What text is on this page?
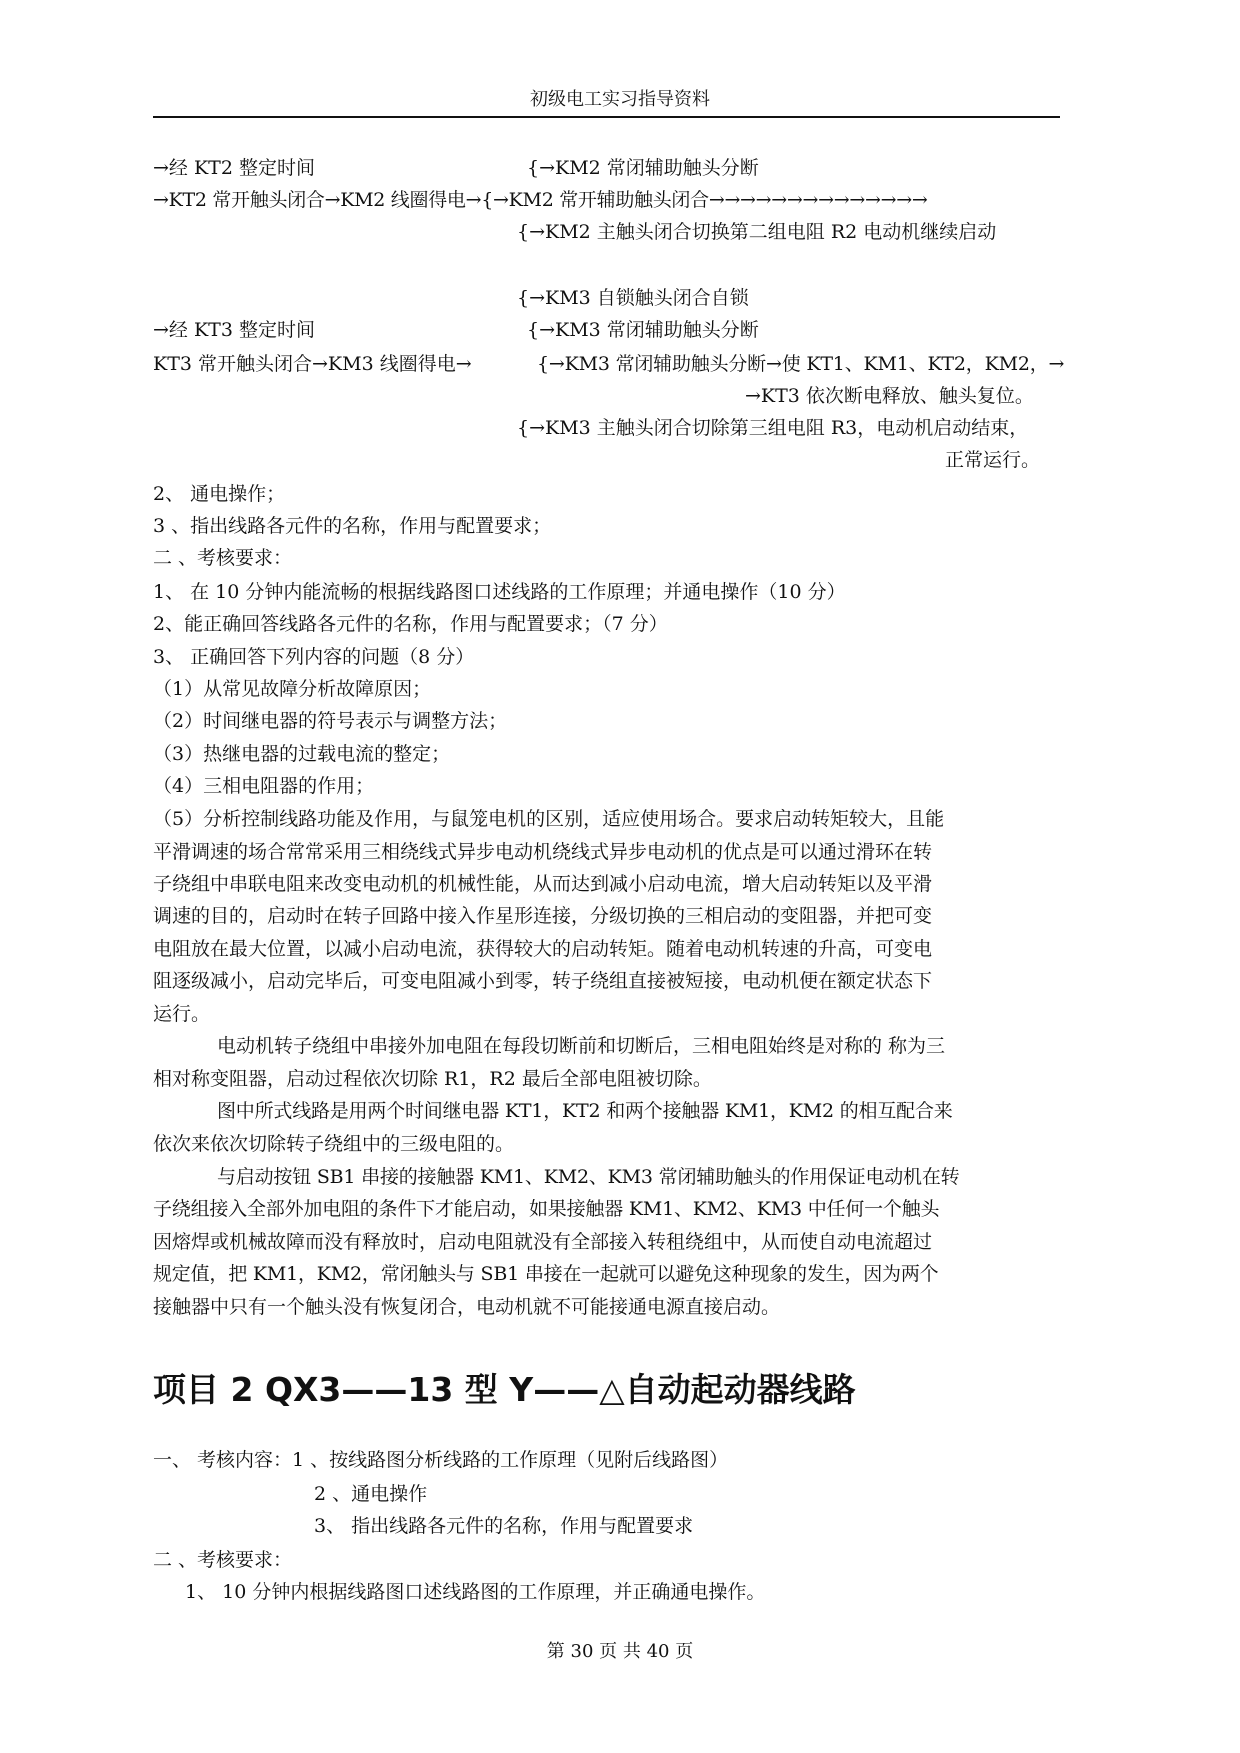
初级电工实习指导资料
→经 KT2 整定时间	{→KM2 常闭辅助触头分断
→KT2 常开触头闭合→KM2 线圈得电→{→KM2 常开辅助触头闭合→→→→→→→→→→→→→→
{→KM2 主触头闭合切换第二组电阻 R2 电动机继续启动
{→KM3 自锁触头闭合自锁
→经 KT3 整定时间	{→KM3 常闭辅助触头分断
KT3 常开触头闭合→KM3 线圈得电→	{→KM3 常闭辅助触头分断→使 KT1、KM1、KT2，KM2，→
→KT3 依次断电释放、触头复位。
{→KM3 主触头闭合切除第三组电阻 R3，电动机启动结束，
正常运行。
2、 通电操作；
3 、指出线路各元件的名称，作用与配置要求；
二 、考核要求：
1、 在 10 分钟内能流畅的根据线路图口述线路的工作原理；并通电操作（10 分）
2、能正确回答线路各元件的名称，作用与配置要求；（7 分）
3、 正确回答下列内容的问题（8 分）
（1）从常见故障分析故障原因；
（2）时间继电器的符号表示与调整方法；
（3）热继电器的过载电流的整定；
（4）三相电阻器的作用；
（5）分析控制线路功能及作用，与鼠笼电机的区别，适应使用场合。要求启动转矩较大，且能
平滑调速的场合常常采用三相绕线式异步电动机绕线式异步电动机的优点是可以通过滑环在转
子绕组中串联电阻来改变电动机的机械性能，从而达到减小启动电流，增大启动转矩以及平滑
调速的目的，启动时在转子回路中接入作星形连接，分级切换的三相启动的变阻器，并把可变
电阻放在最大位置，以减小启动电流，获得较大的启动转矩。随着电动机转速的升高，可变电
阻逐级减小，启动完毕后，可变电阻减小到零，转子绕组直接被短接，电动机便在额定状态下
运行。
电动机转子绕组中串接外加电阻在每段切断前和切断后，三相电阻始终是对称的 称为三
相对称变阻器，启动过程依次切除 R1，R2 最后全部电阻被切除。
图中所式线路是用两个时间继电器 KT1，KT2 和两个接触器 KM1，KM2 的相互配合来
依次来依次切除转子绕组中的三级电阻的。
与启动按钮 SB1 串接的接触器 KM1、KM2、KM3 常闭辅助触头的作用保证电动机在转
子绕组接入全部外加电阻的条件下才能启动，如果接触器 KM1、KM2、KM3 中任何一个触头
因熔焊或机械故障而没有释放时，启动电阻就没有全部接入转租绕组中，从而使自动电流超过
规定值，把 KM1，KM2，常闭触头与 SB1 串接在一起就可以避免这种现象的发生，因为两个
接触器中只有一个触头没有恢复闭合，电动机就不可能接通电源直接启动。
项目 2 QX3——13 型 Y——△自动起动器线路
一、 考核内容：1 、按线路图分析线路的工作原理（见附后线路图）
2 、通电操作
3、 指出线路各元件的名称，作用与配置要求
二 、考核要求：
1、 10 分钟内根据线路图口述线路图的工作原理，并正确通电操作。
第 30 页 共 40 页
